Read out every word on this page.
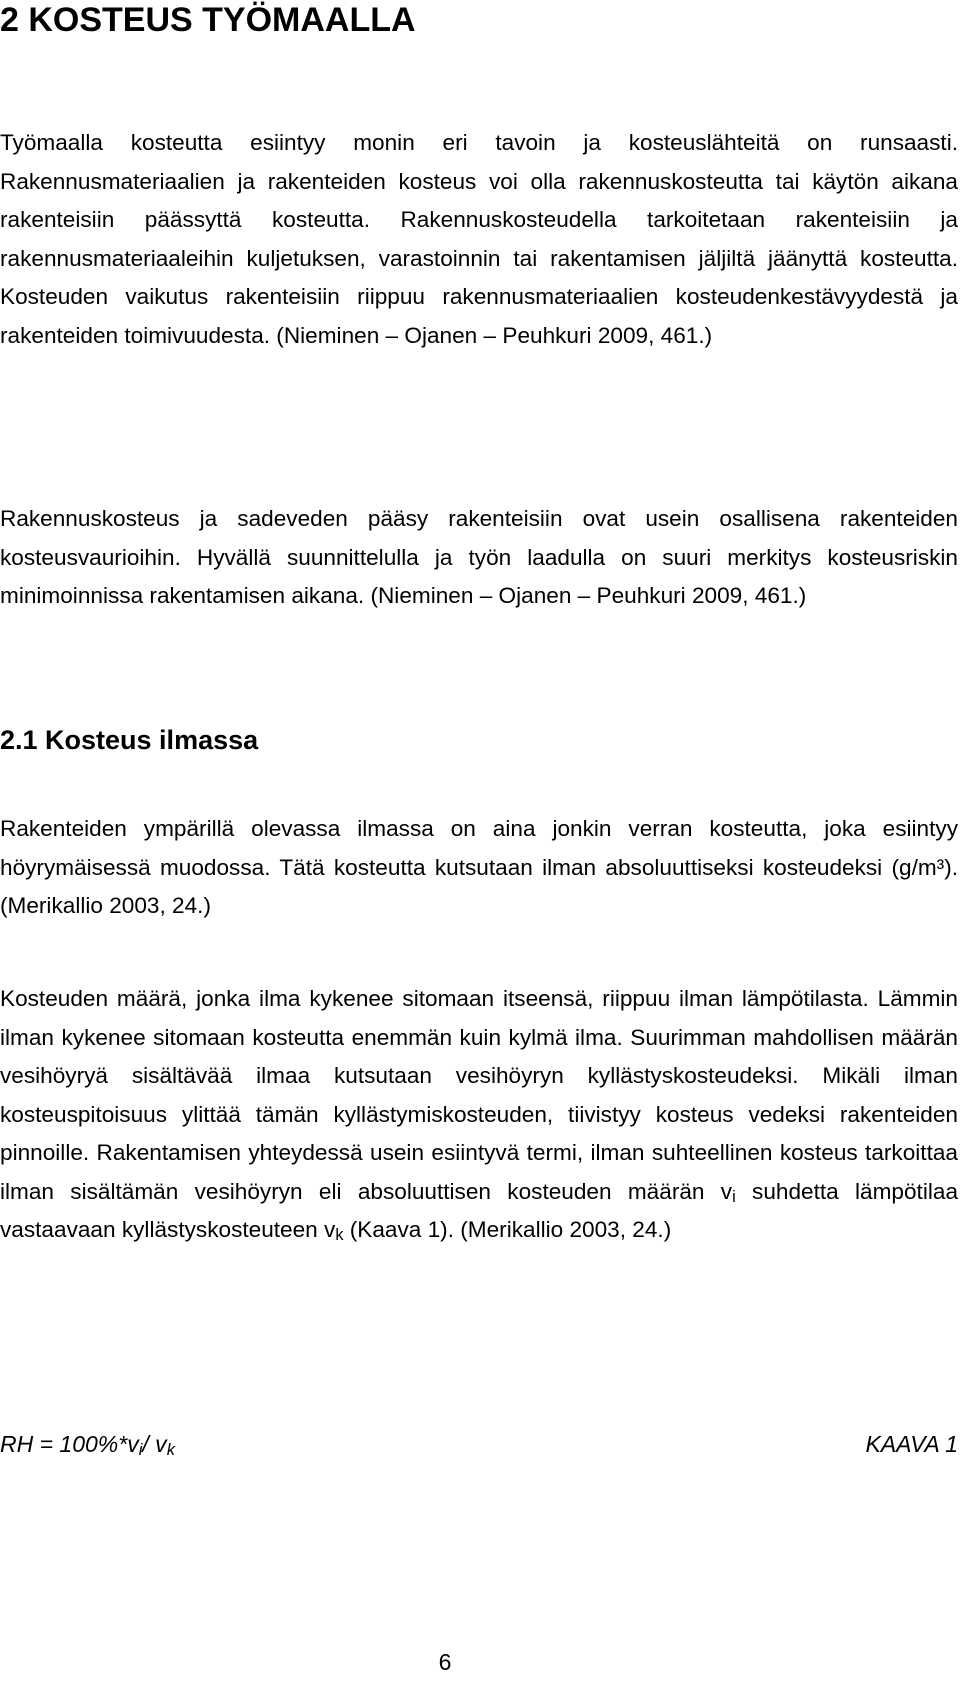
2 KOSTEUS TYÖMAALLA

Työmaalla kosteutta esiintyy monin eri tavoin ja kosteuslähteitä on runsaasti. Rakennusmateriaalien ja rakenteiden kosteus voi olla rakennuskosteutta tai käytön aikana rakenteisiin päässyttä kosteutta. Rakennuskosteudella tarkoitetaan rakenteisiin ja rakennusmateriaaleihin kuljetuksen, varastoinnin tai rakentamisen jäljiltä jäänyttä kosteutta. Kosteuden vaikutus rakenteisiin riippuu rakennusmateriaalien kosteudenkestävyydestä ja rakenteiden toimivuudesta. (Nieminen – Ojanen – Peuhkuri 2009, 461.)

Rakennuskosteus ja sadeveden pääsy rakenteisiin ovat usein osallisena rakenteiden kosteusvaurioihin. Hyvällä suunnittelulla ja työn laadulla on suuri merkitys kosteusriskin minimoinnissa rakentamisen aikana. (Nieminen – Ojanen – Peuhkuri 2009, 461.)

2.1 Kosteus ilmassa

Rakenteiden ympärillä olevassa ilmassa on aina jonkin verran kosteutta, joka esiintyy höyrymäisessä muodossa. Tätä kosteutta kutsutaan ilman absoluuttiseksi kosteudeksi (g/m³). (Merikallio 2003, 24.)

Kosteuden määrä, jonka ilma kykenee sitomaan itseensä, riippuu ilman lämpötilasta. Lämmin ilman kykenee sitomaan kosteutta enemmän kuin kylmä ilma. Suurimman mahdollisen määrän vesihöyryä sisältävää ilmaa kutsutaan vesihöyryn kyllästyskosteudeksi. Mikäli ilman kosteuspitoisuus ylittää tämän kyllästymiskosteuden, tiivistyy kosteus vedeksi rakenteiden pinnoille. Rakentamisen yhteydessä usein esiintyvä termi, ilman suhteellinen kosteus tarkoittaa ilman sisältämän vesihöyryn eli absoluuttisen kosteuden määrän $v_i$ suhdetta lämpötilaa vastaavaan kyllästyskosteuteen $v_k$ (Kaava 1). (Merikallio 2003, 24.)

RH = $100\%*v_i/$ $v_k$	KAAVA 1
6
